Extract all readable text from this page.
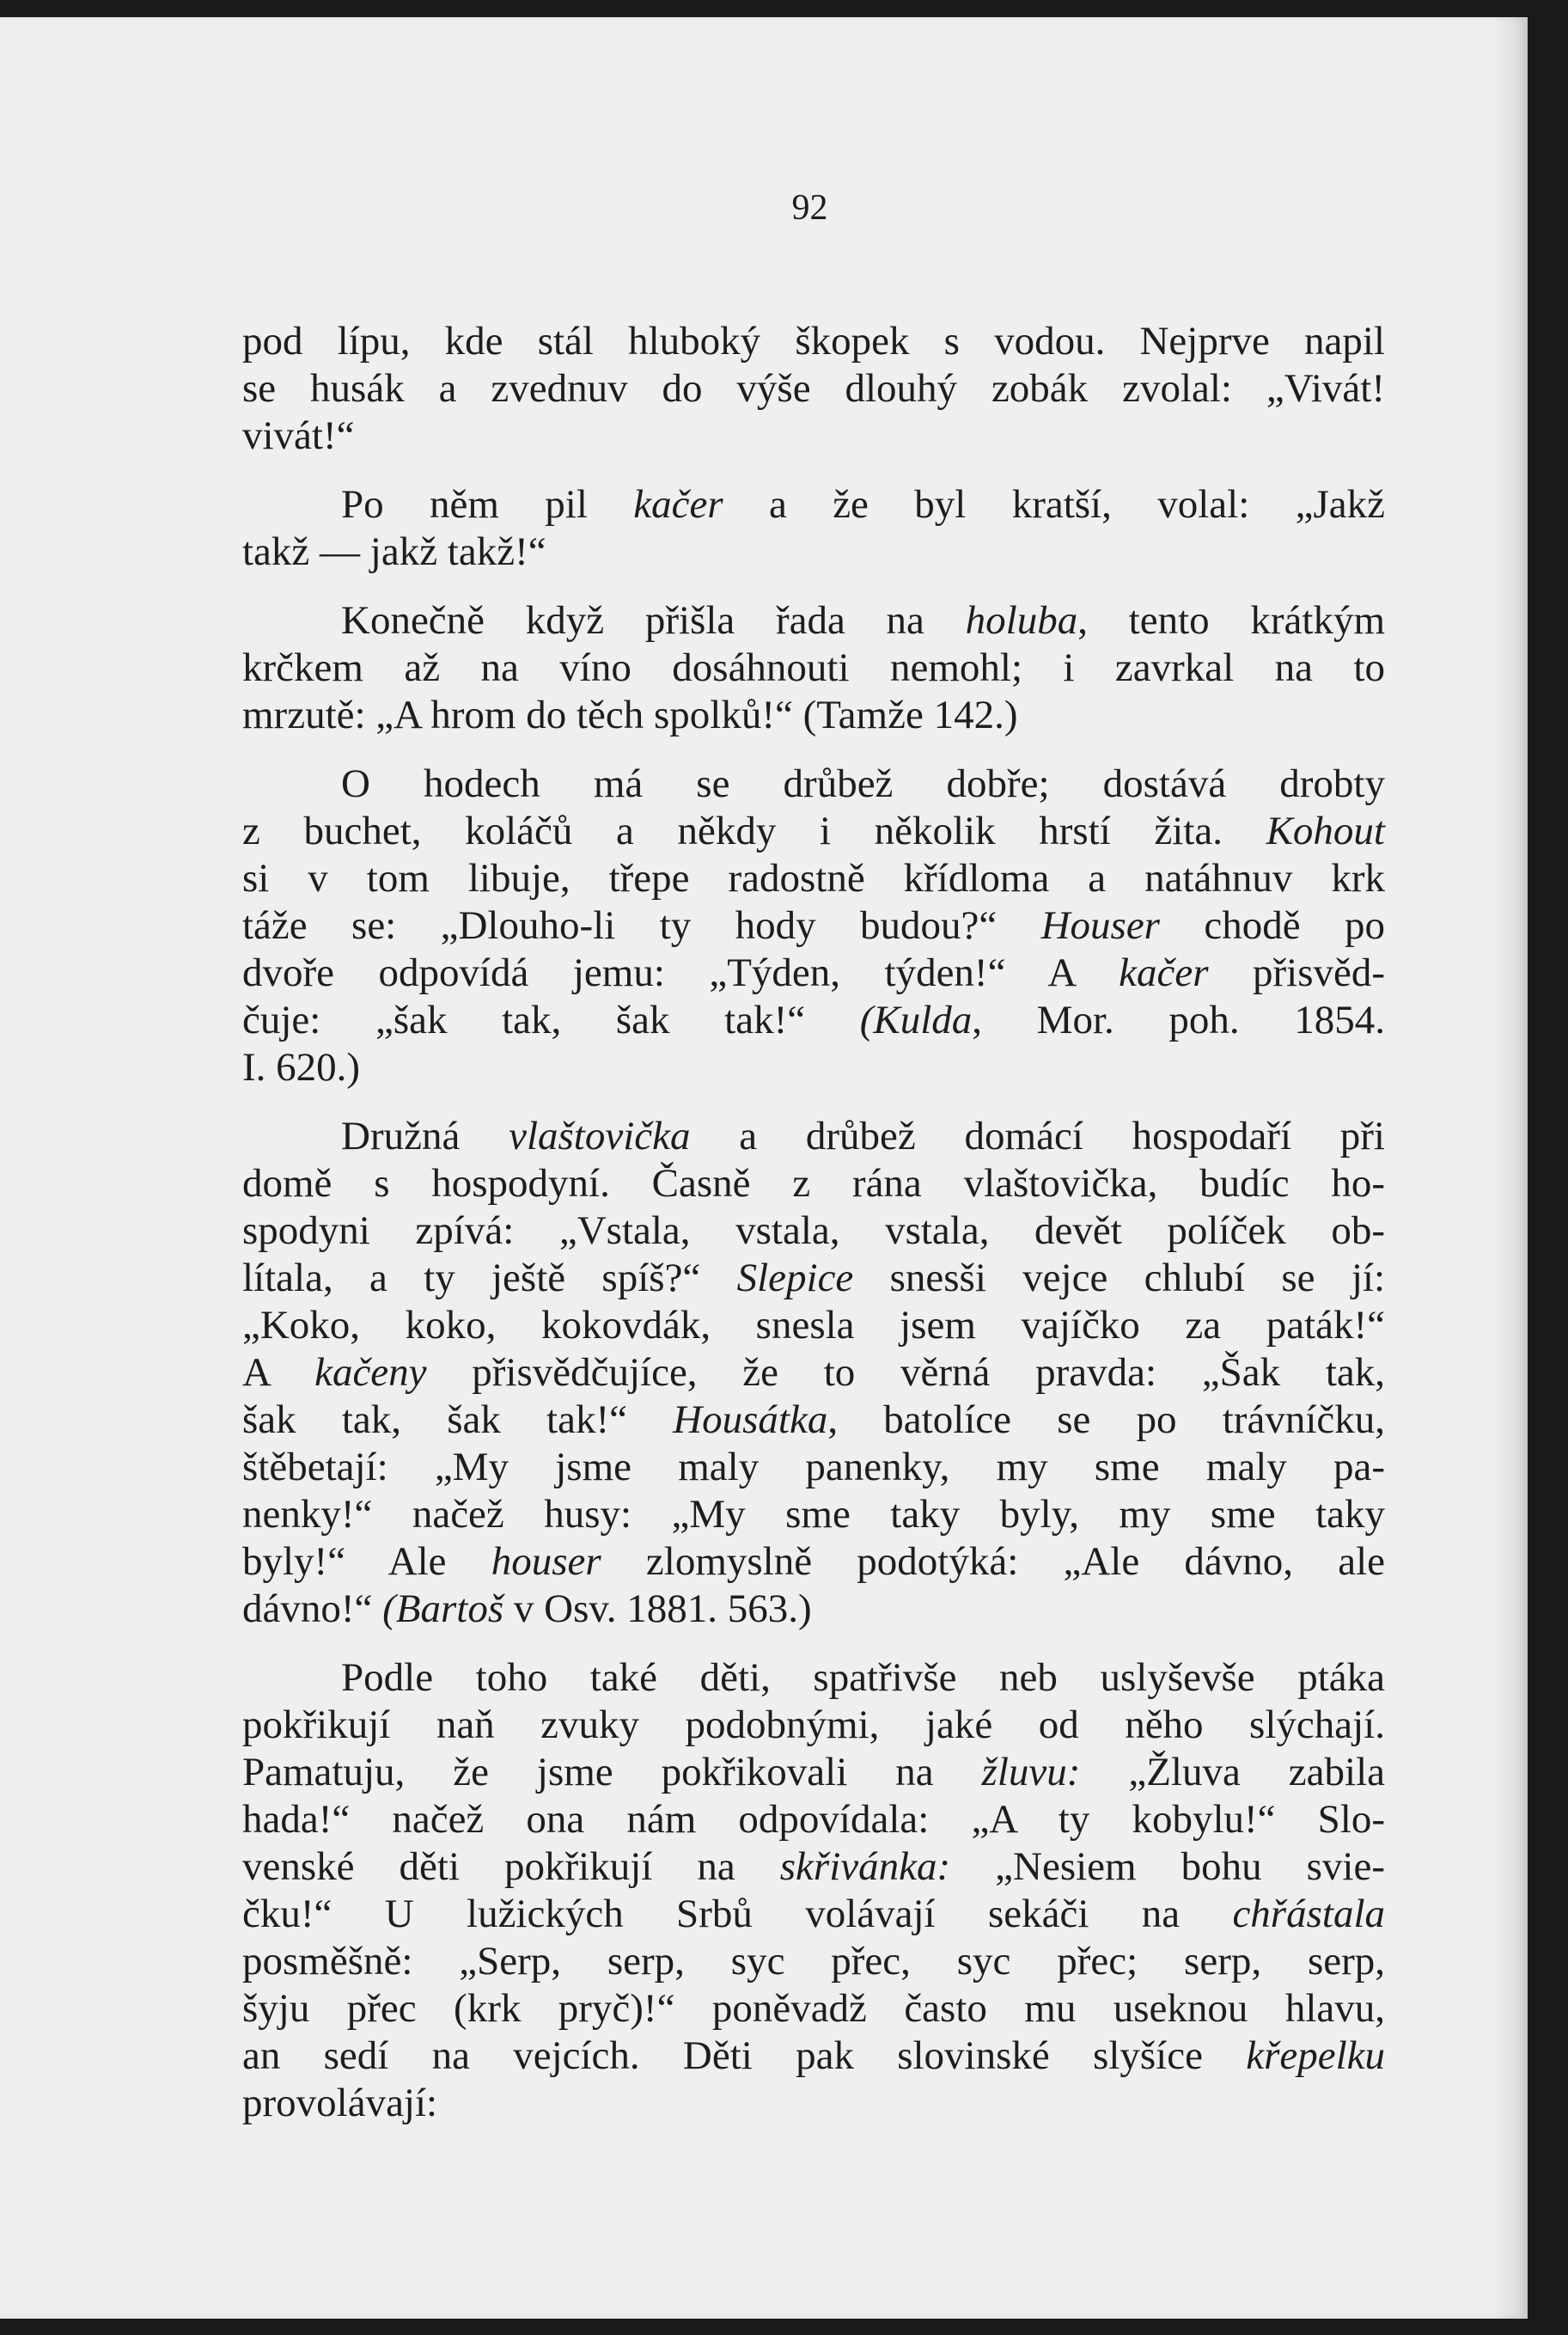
92
pod lípu, kde stál hluboký škopek s vodou. Nejprve napil
se husák a zvednuv do výše dlouhý zobák zvolal: „Vivát!
vivát!“
Po něm pil kačer a že byl kratší, volal: „Jakž
takž — jakž takž!“
Konečně když přišla řada na holuba, tento krátkým
krčkem až na víno dosáhnouti nemohl; i zavrkal na to
mrzutě: „A hrom do těch spolků!“ (Tamže 142.)
O hodech má se drůbež dobře; dostává drobty
z buchet, koláčů a někdy i několik hrstí žita. Kohout
si v tom libuje, třepe radostně křídloma a natáhnuv krk
táže se: „Dlouho-li ty hody budou?“ Houser chodě po
dvoře odpovídá jemu: „Týden, týden!“ A kačer přisvěd-
čuje: „šak tak, šak tak!“ (Kulda, Mor. poh. 1854.
I. 620.)
Družná vlaštovička a drůbež domácí hospodaří při
domě s hospodyní. Časně z rána vlaštovička, budíc ho-
spodyni zpívá: „Vstala, vstala, vstala, devět políček ob-
lítala, a ty ještě spíš?“ Slepice snesši vejce chlubí se jí:
„Koko, koko, kokovdák, snesla jsem vajíčko za paták!“
A kačeny přisvědčujíce, že to věrná pravda: „Šak tak,
šak tak, šak tak!“ Housátka, batolíce se po trávníčku,
štěbetají: „My jsme maly panenky, my sme maly pa-
nenky!“ načež husy: „My sme taky byly, my sme taky
byly!“ Ale houser zlomyslně podotýká: „Ale dávno, ale
dávno!“ (Bartoš v Osv. 1881. 563.)
Podle toho také děti, spatřivše neb uslyševše ptáka
pokřikují naň zvuky podobnými, jaké od něho slýchají.
Pamatuju, že jsme pokřikovali na žluvu: „Žluva zabila
hada!“ načež ona nám odpovídala: „A ty kobylu!“ Slo-
venské děti pokřikují na skřivánka: „Nesiem bohu svie-
čku!“ U lužických Srbů volávají sekáči na chřástala
posměšně: „Serp, serp, syc přec, syc přec; serp, serp,
šyju přec (krk pryč)!“ poněvadž často mu useknou hlavu,
an sedí na vejcích. Děti pak slovinské slyšíce křepelku
provolávají:
